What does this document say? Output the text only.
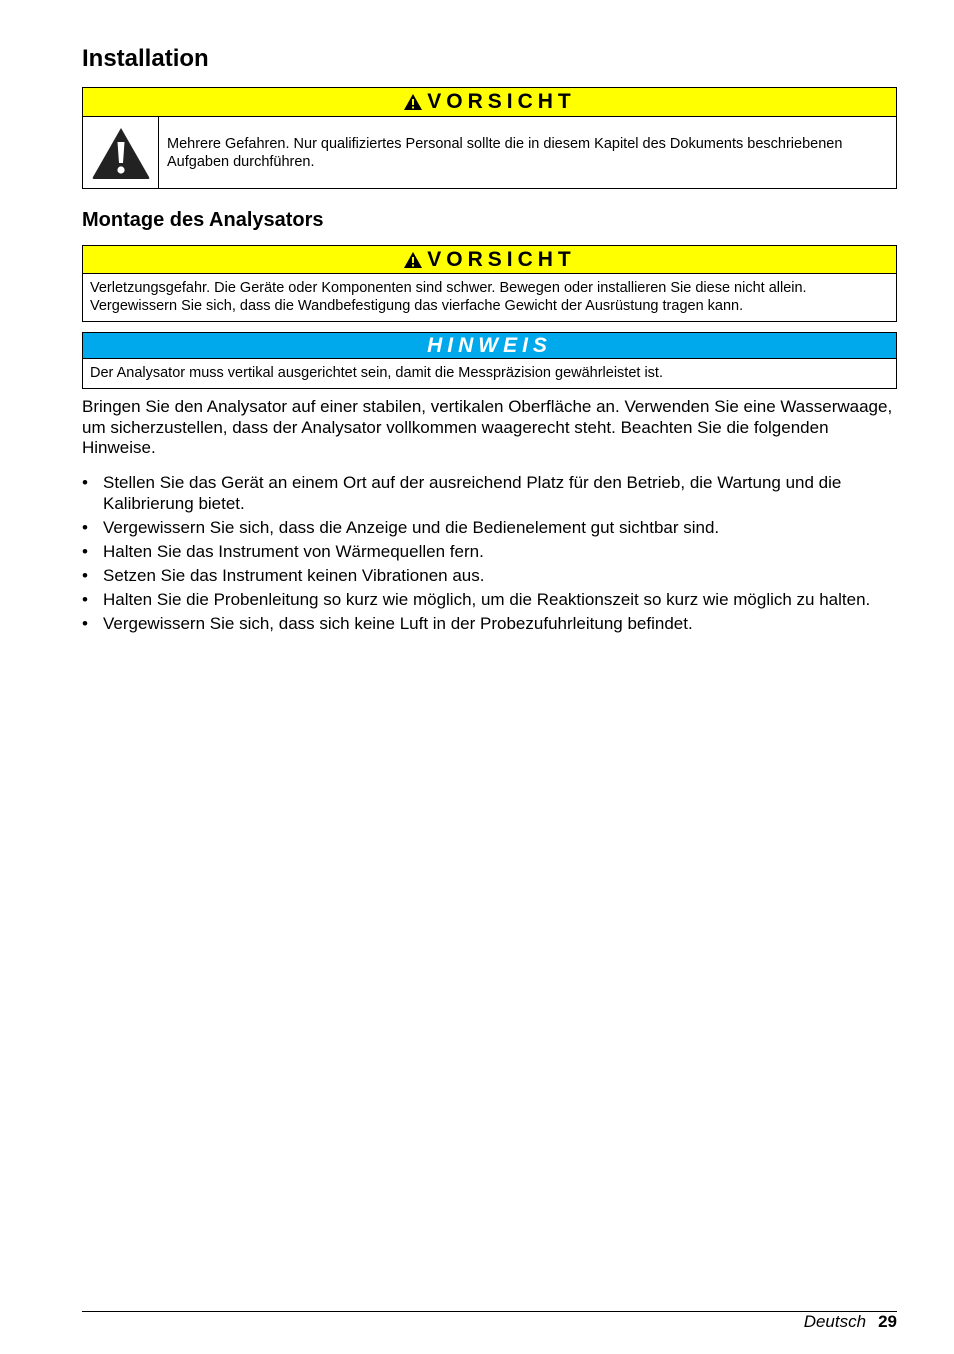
Installation
VORSICHT
Mehrere Gefahren. Nur qualifiziertes Personal sollte die in diesem Kapitel des Dokuments beschriebenen Aufgaben durchführen.
Montage des Analysators
VORSICHT
Verletzungsgefahr. Die Geräte oder Komponenten sind schwer. Bewegen oder installieren Sie diese nicht allein. Vergewissern Sie sich, dass die Wandbefestigung das vierfache Gewicht der Ausrüstung tragen kann.
HINWEIS
Der Analysator muss vertikal ausgerichtet sein, damit die Messpräzision gewährleistet ist.

Bringen Sie den Analysator auf einer stabilen, vertikalen Oberfläche an. Verwenden Sie eine Wasserwaage, um sicherzustellen, dass der Analysator vollkommen waagerecht steht. Beachten Sie die folgenden Hinweise.

• Stellen Sie das Gerät an einem Ort auf der ausreichend Platz für den Betrieb, die Wartung und die Kalibrierung bietet.
• Vergewissern Sie sich, dass die Anzeige und die Bedienelement gut sichtbar sind.
• Halten Sie das Instrument von Wärmequellen fern.
• Setzen Sie das Instrument keinen Vibrationen aus.
• Halten Sie die Probenleitung so kurz wie möglich, um die Reaktionszeit so kurz wie möglich zu halten.
• Vergewissern Sie sich, dass sich keine Luft in der Probezufuhrleitung befindet.
Deutsch 29
